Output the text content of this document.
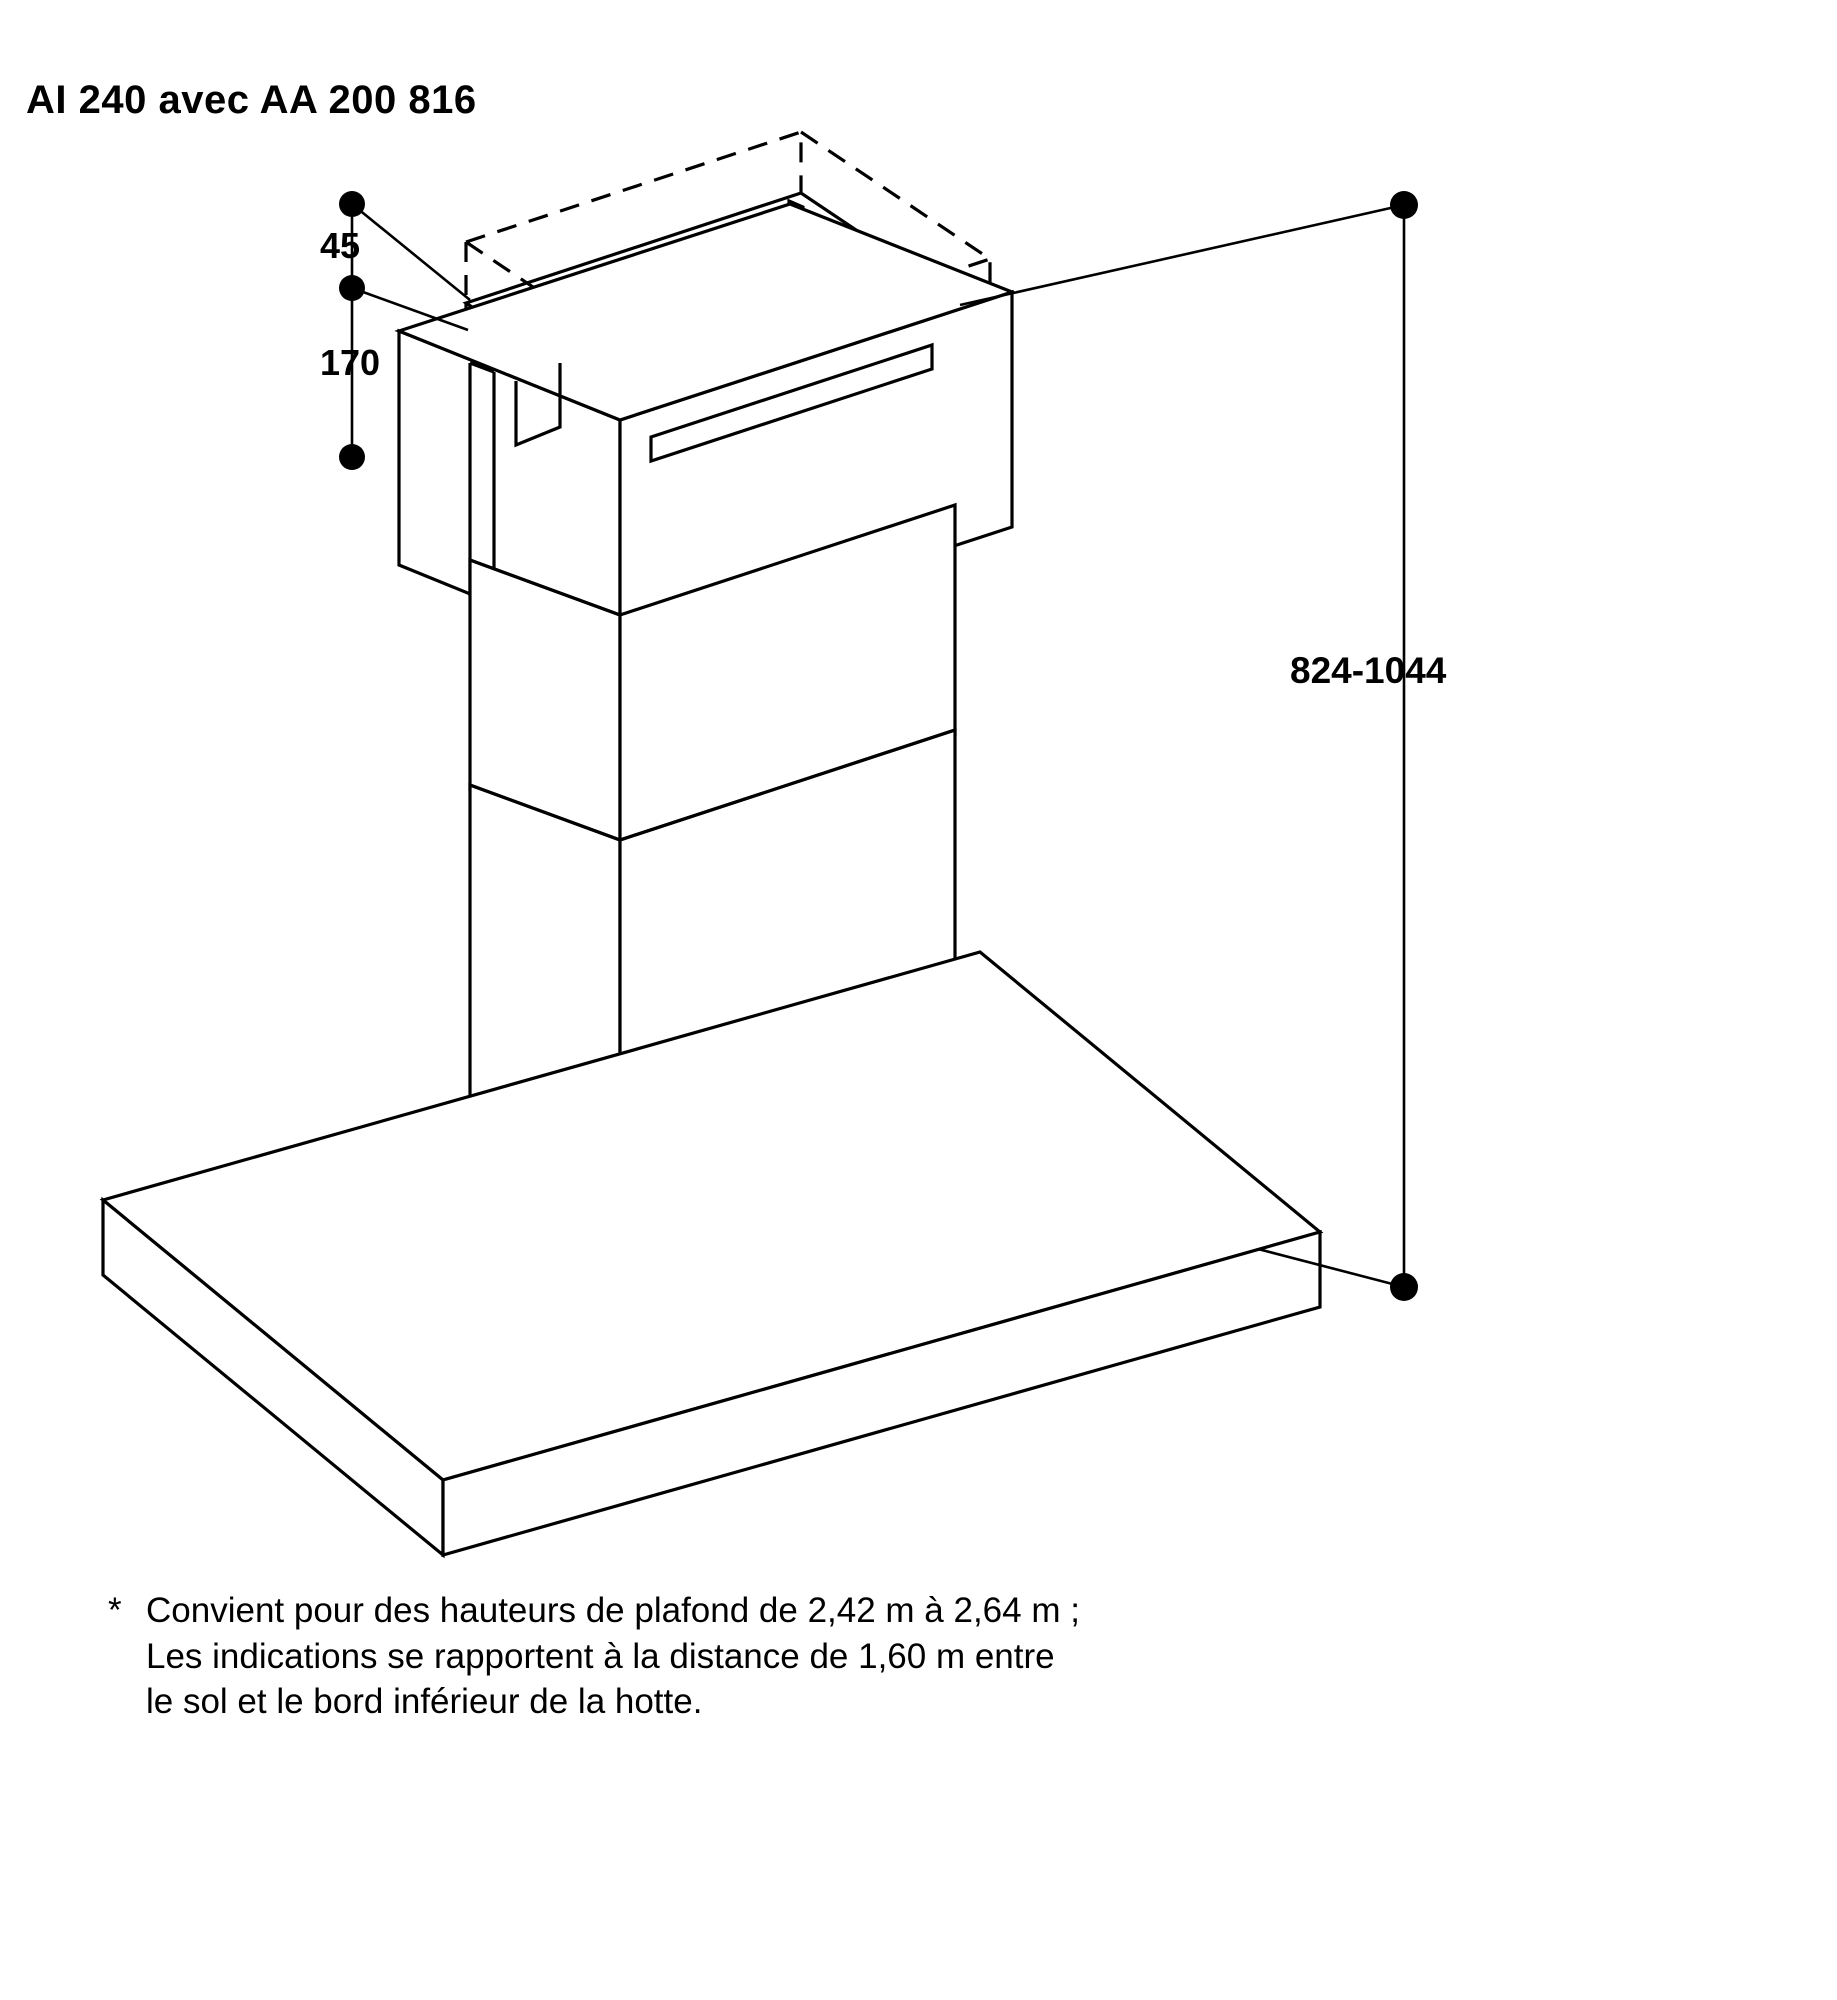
AI 240 avec AA 200 816
45
170
824-1044
* Convient pour des hauteurs de plafond de 2,42 m à 2,64 m ;
Les indications se rapportent à la distance de 1,60 m entre
le sol et le bord inférieur de la hotte.
